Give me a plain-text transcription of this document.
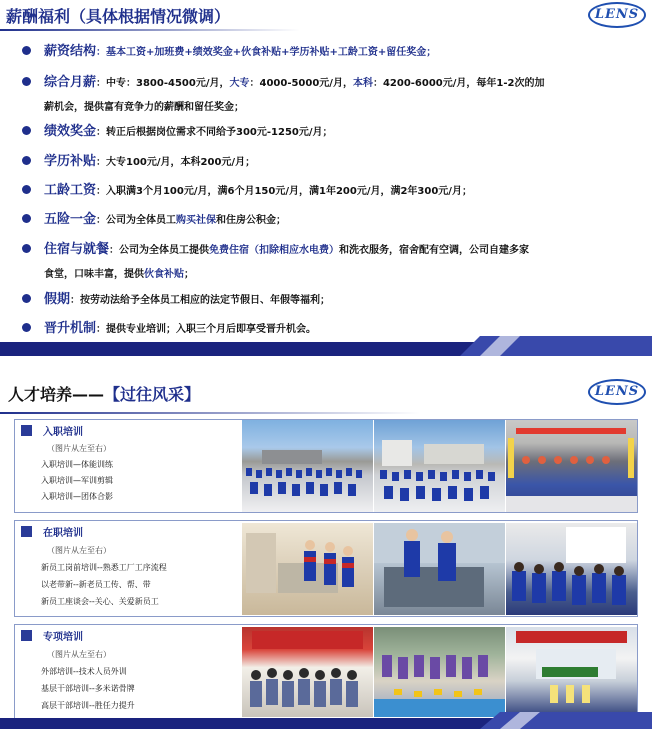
薪酬福利（具体根据情况微调）	LENS
薪资结构：基本工资+加班费+绩效奖金+伙食补贴+学历补贴+工龄工资+留任奖金；
综合月薪：中专：3800-4500元/月，大专：4000-5000元/月，本科：4200-6000元/月，每年1-2次的加
薪机会，提供富有竞争力的薪酬和留任奖金；
绩效奖金：转正后根据岗位需求不同给予300元-1250元/月；
学历补贴：大专100元/月，本科200元/月；
工龄工资：入职满3个月100元/月，满6个月150元/月，满1年200元/月，满2年300元/月；
五险一金：公司为全体员工购买社保和住房公积金；
住宿与就餐：公司为全体员工提供免费住宿（扣除相应水电费）和洗衣服务，宿舍配有空调，公司自建多家
食堂，口味丰富，提供伙食补贴；
假期：按劳动法给予全体员工相应的法定节假日、年假等福利；
晋升机制：提供专业培训；入职三个月后即享受晋升机会。
人才培养——【过往风采】	LENS
入职培训
（图片从左至右）
入职培训—体能训练
入职培训—军训剪辑
入职培训—团体合影
在职培训
（图片从左至右）
新员工岗前培训--熟悉工厂工序流程
以老带新--新老员工传、帮、带
新员工座谈会--关心、关爱新员工
专项培训
（图片从左至右）
外部培训--技术人员外训
基层干部培训--多米诺骨牌
高层干部培训--胜任力提升
